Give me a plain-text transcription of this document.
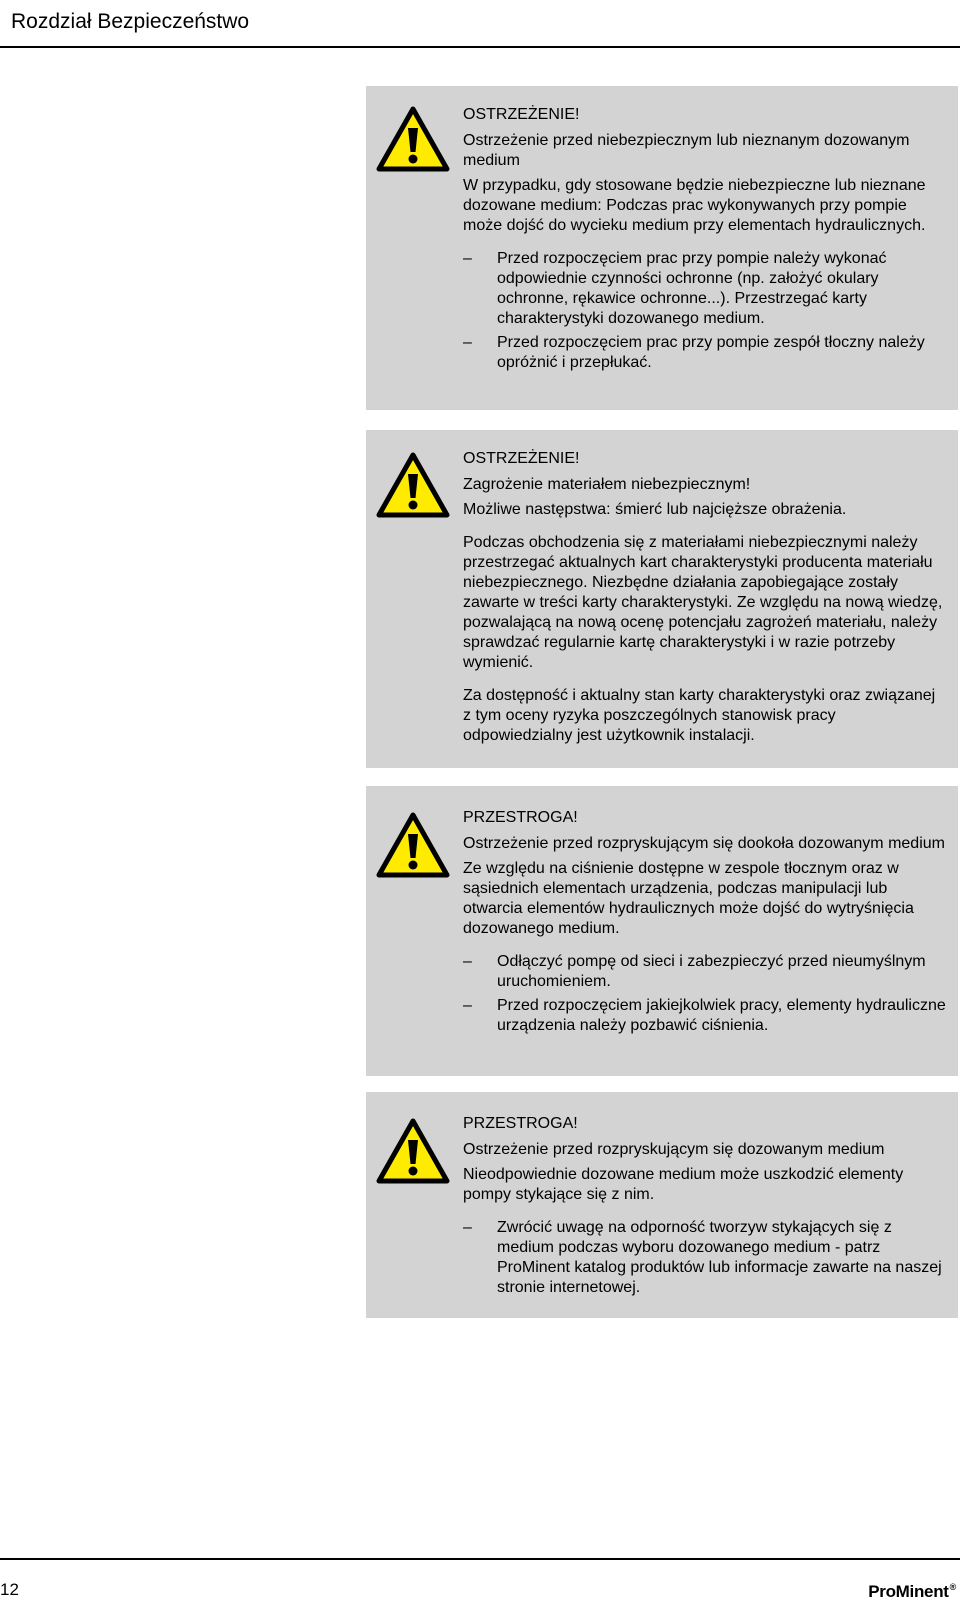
Rozdział Bezpieczeństwo
OSTRZEŻENIE!
Ostrzeżenie przed niebezpiecznym lub nieznanym dozowanym medium

W przypadku, gdy stosowane będzie niebezpieczne lub nieznane dozowane medium: Podczas prac wykonywanych przy pompie może dojść do wycieku medium przy elementach hydraulicznych.

– Przed rozpoczęciem prac przy pompie należy wykonać odpowiednie czynności ochronne (np. założyć okulary ochronne, rękawice ochronne...). Przestrzegać karty charakterystyki dozowanego medium.
– Przed rozpoczęciem prac przy pompie zespół tłoczny należy opróżnić i przepłukać.
OSTRZEŻENIE!
Zagrożenie materiałem niebezpiecznym!

Możliwe następstwa: śmierć lub najcięższe obrażenia.

Podczas obchodzenia się z materiałami niebezpiecznymi należy przestrzegać aktualnych kart charakterystyki producenta materiału niebezpiecznego. Niezbędne działania zapobiegające zostały zawarte w treści karty charakterystyki. Ze względu na nową wiedzę, pozwalającą na nową ocenę potencjału zagrożeń materiału, należy sprawdzać regularnie kartę charakterystyki i w razie potrzeby wymienić.

Za dostępność i aktualny stan karty charakterystyki oraz związanej z tym oceny ryzyka poszczególnych stanowisk pracy odpowiedzialny jest użytkownik instalacji.

PRZESTROGA!
Ostrzeżenie przed rozpryskującym się dookoła dozowanym medium

Ze względu na ciśnienie dostępne w zespole tłocznym oraz w sąsiednich elementach urządzenia, podczas manipulacji lub otwarcia elementów hydraulicznych może dojść do wytryśnięcia dozowanego medium.

– Odłączyć pompę od sieci i zabezpieczyć przed nieumyślnym uruchomieniem.
– Przed rozpoczęciem jakiejkolwiek pracy, elementy hydrauliczne urządzenia należy pozbawić ciśnienia.
PRZESTROGA!
Ostrzeżenie przed rozpryskującym się dozowanym medium

Nieodpowiednie dozowane medium może uszkodzić elementy pompy stykające się z nim.

– Zwrócić uwagę na odporność tworzyw stykających się z medium podczas wyboru dozowanego medium - patrz ProMinent katalog produktów lub informacje zawarte na naszej stronie internetowej.
12	ProMinent®
